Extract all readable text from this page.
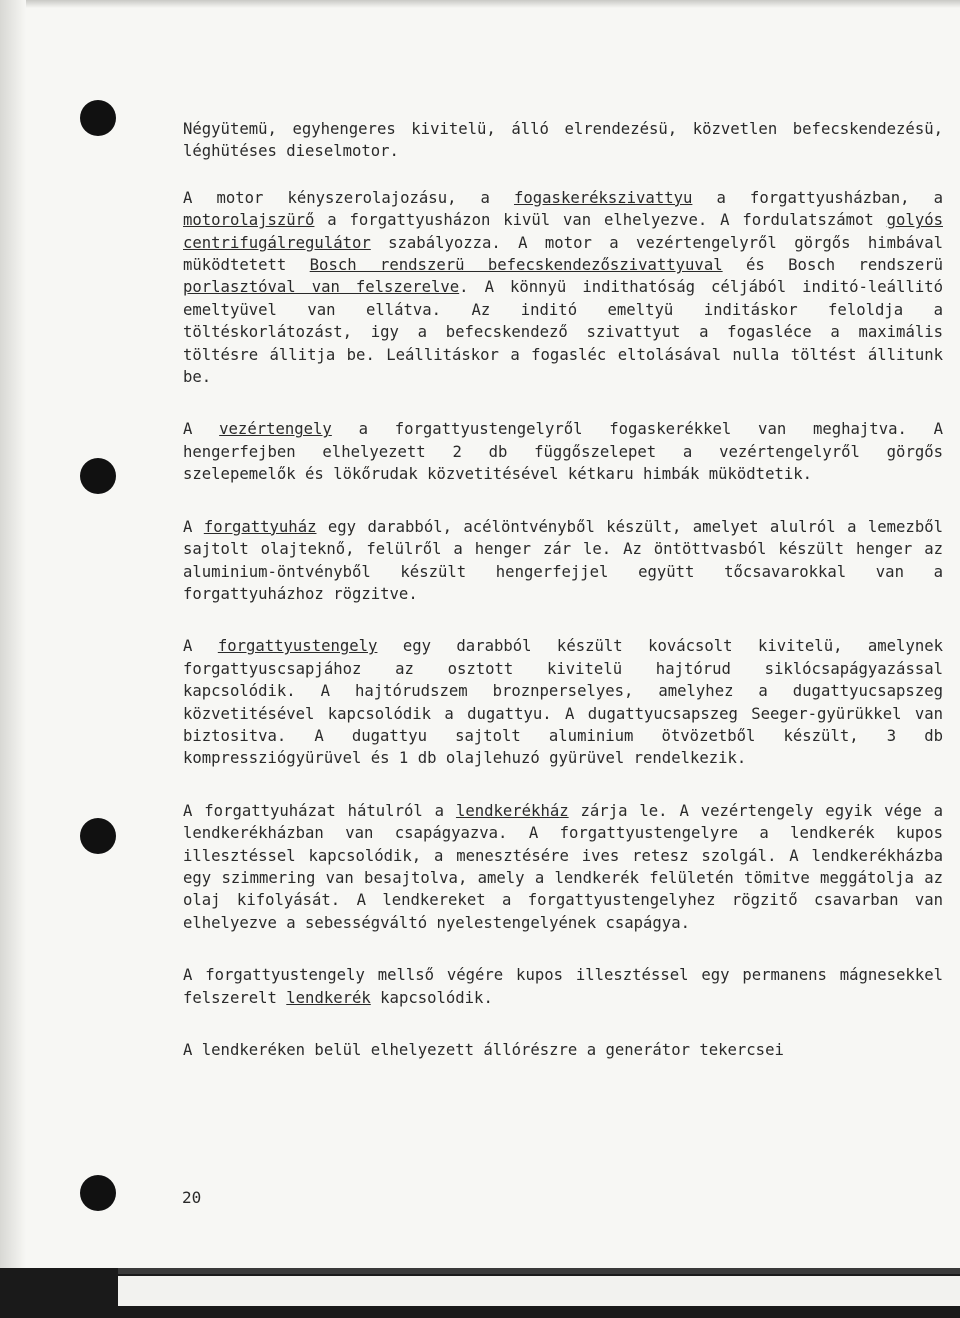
Négyütemü, egyhengeres kivitelü, álló elrendezésü, közvetlen befecskendezésü, léghütéses dieselmotor.

A motor kényszerolajozásu, a fogaskerékszivattyu a forgattyusházban, a motorolajszürő a forgattyusházon kivül van elhelyezve. A fordulatszámot golyós centrifugálregulátor szabályozza. A motor a vezértengelyről görgős himbával müködtetett Bosch rendszerü befecskendezőszivattyuval és Bosch rendszerü porlasztóval van felszerelve. A könnyü indithatóság céljából inditó-leállitó emeltyüvel van ellátva. Az inditó emeltyü inditáskor feloldja a töltéskorlátozást, igy a befecskendező szivattyut a fogasléce a maximális töltésre állitja be. Leállitáskor a fogasléc eltolásával nulla töltést állitunk be.

A vezértengely a forgattyustengelyről fogaskerékkel van meghajtva. A hengerfejben elhelyezett 2 db függőszelepet a vezértengelyről görgős szelepemelők és lökőrudak közvetitésével kétkaru himbák müködtetik.

A forgattyuház egy darabból, acélöntvényből készült, amelyet alulról a lemezből sajtolt olajteknő, felülről a henger zár le. Az öntöttvasból készült henger az aluminium-öntvényből készült hengerfejjel együtt tőcsavarokkal van a forgattyuházhoz rögzitve.

A forgattyustengely egy darabból készült kovácsolt kivitelü, amelynek forgattyuscsapjához az osztott kivitelü hajtórud siklócsapágyazással kapcsolódik. A hajtórudszem broznperselyes, amelyhez a dugattyucsapszeg közvetitésével kapcsolódik a dugattyu. A dugattyucsapszeg Seeger-gyürükkel van biztositva. A dugattyu sajtolt aluminium ötvözetből készült, 3 db kompressziógyürüvel és 1 db olajlehuzó gyürüvel rendelkezik.

A forgattyuházat hátulról a lendkerékház zárja le. A vezértengely egyik vége a lendkerékházban van csapágyazva. A forgattyustengelyre a lendkerék kupos illesztéssel kapcsolódik, a menesztésére ives retesz szolgál. A lendkerékházba egy szimmering van besajtolva, amely a lendkerék felületén tömitve meggátolja az olaj kifolyását. A lendkereket a forgattyustengelyhez rögzitő csavarban van elhelyezve a sebességváltó nyelestengelyének csapágya.

A forgattyustengely mellső végére kupos illesztéssel egy permanens mágnesekkel felszerelt lendkerék kapcsolódik.

A lendkeréken belül elhelyezett állórészre a generátor tekercsei

20
